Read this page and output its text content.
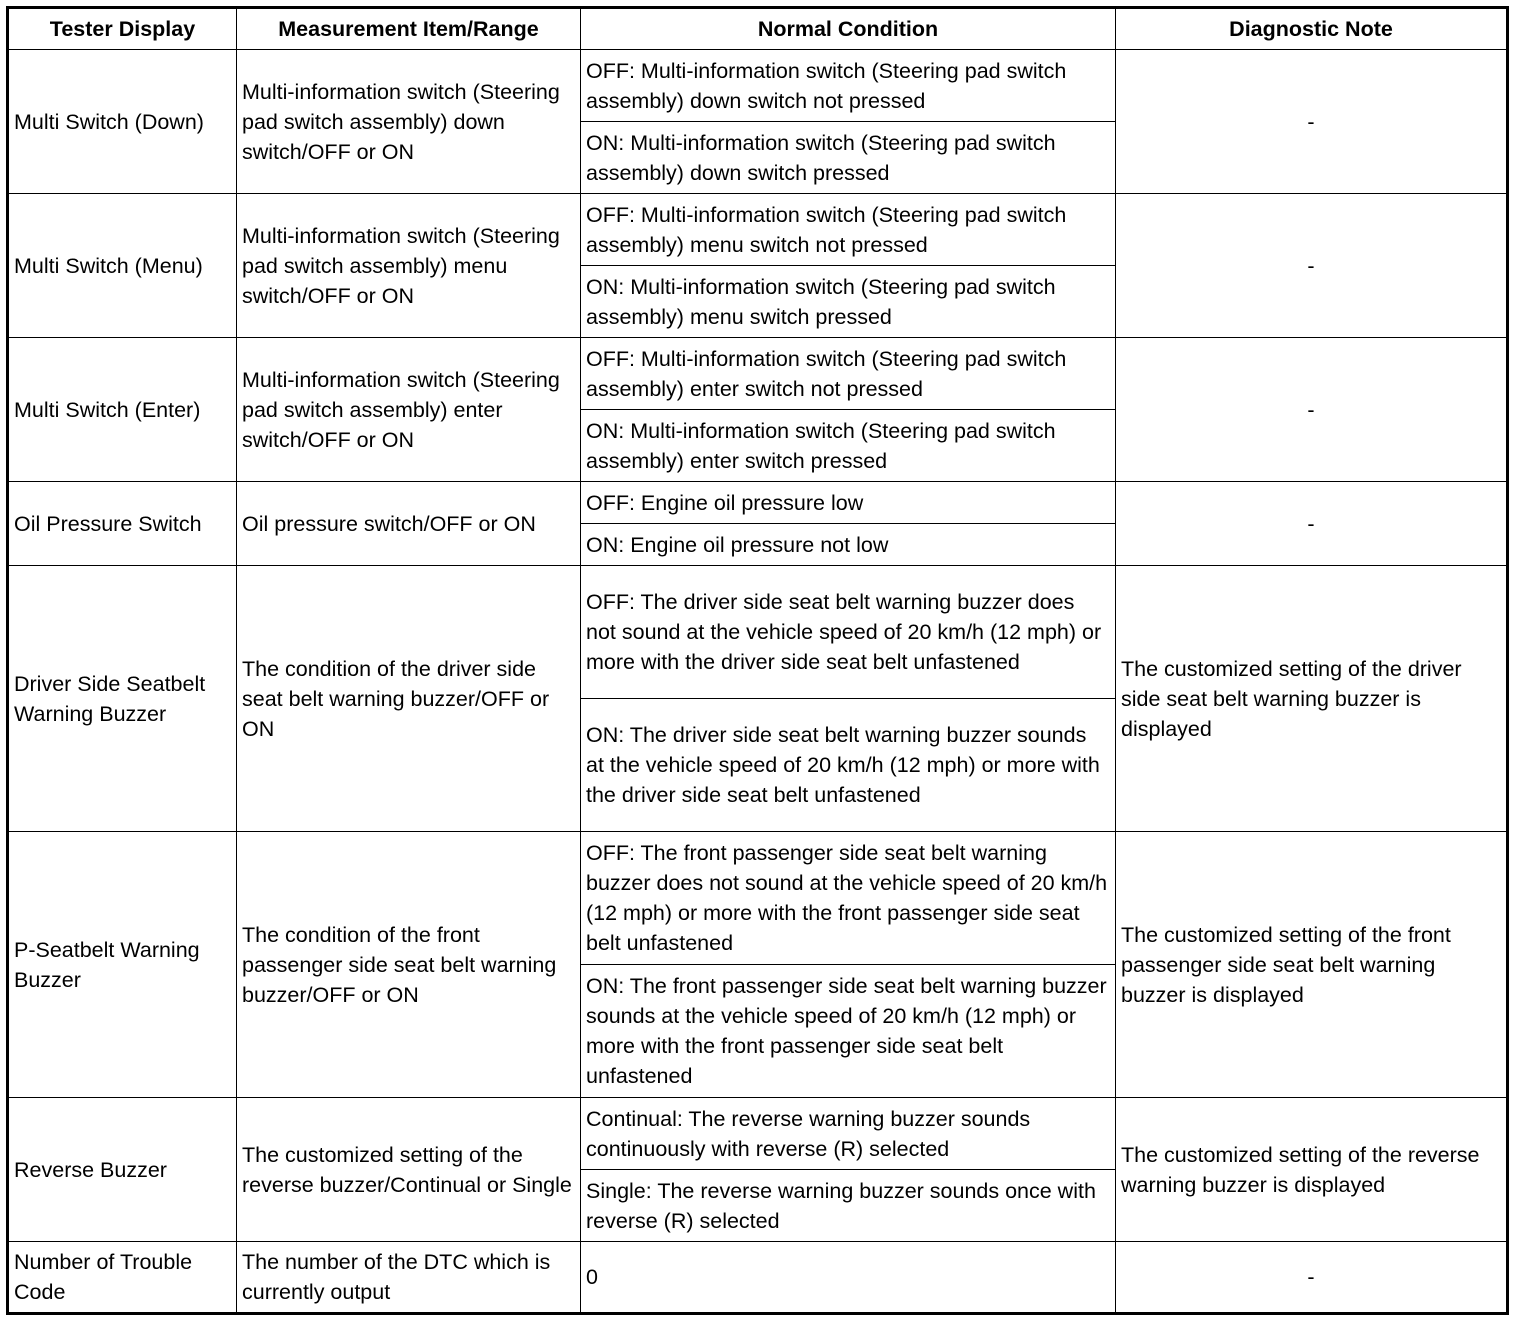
Tester Display	Measurement Item/Range	Normal Condition	Diagnostic Note
Multi Switch (Down)	Multi-information switch (Steering pad switch assembly) down switch/OFF or ON	OFF: Multi-information switch (Steering pad switch assembly) down switch not pressed	-
		ON: Multi-information switch (Steering pad switch assembly) down switch pressed	
Multi Switch (Menu)	Multi-information switch (Steering pad switch assembly) menu switch/OFF or ON	OFF: Multi-information switch (Steering pad switch assembly) menu switch not pressed	-
		ON: Multi-information switch (Steering pad switch assembly) menu switch pressed	
Multi Switch (Enter)	Multi-information switch (Steering pad switch assembly) enter switch/OFF or ON	OFF: Multi-information switch (Steering pad switch assembly) enter switch not pressed	-
		ON: Multi-information switch (Steering pad switch assembly) enter switch pressed	
Oil Pressure Switch	Oil pressure switch/OFF or ON	OFF: Engine oil pressure low	-
		ON: Engine oil pressure not low	
Driver Side Seatbelt Warning Buzzer	The condition of the driver side seat belt warning buzzer/OFF or ON	OFF: The driver side seat belt warning buzzer does not sound at the vehicle speed of 20 km/h (12 mph) or more with the driver side seat belt unfastened	The customized setting of the driver side seat belt warning buzzer is displayed
		ON: The driver side seat belt warning buzzer sounds at the vehicle speed of 20 km/h (12 mph) or more with the driver side seat belt unfastened	
P-Seatbelt Warning Buzzer	The condition of the front passenger side seat belt warning buzzer/OFF or ON	OFF: The front passenger side seat belt warning buzzer does not sound at the vehicle speed of 20 km/h (12 mph) or more with the front passenger side seat belt unfastened	The customized setting of the front passenger side seat belt warning buzzer is displayed
		ON: The front passenger side seat belt warning buzzer sounds at the vehicle speed of 20 km/h (12 mph) or more with the front passenger side seat belt unfastened	
Reverse Buzzer	The customized setting of the reverse buzzer/Continual or Single	Continual: The reverse warning buzzer sounds continuously with reverse (R) selected	The customized setting of the reverse warning buzzer is displayed
		Single: The reverse warning buzzer sounds once with reverse (R) selected	
Number of Trouble Code	The number of the DTC which is currently output	0	-
